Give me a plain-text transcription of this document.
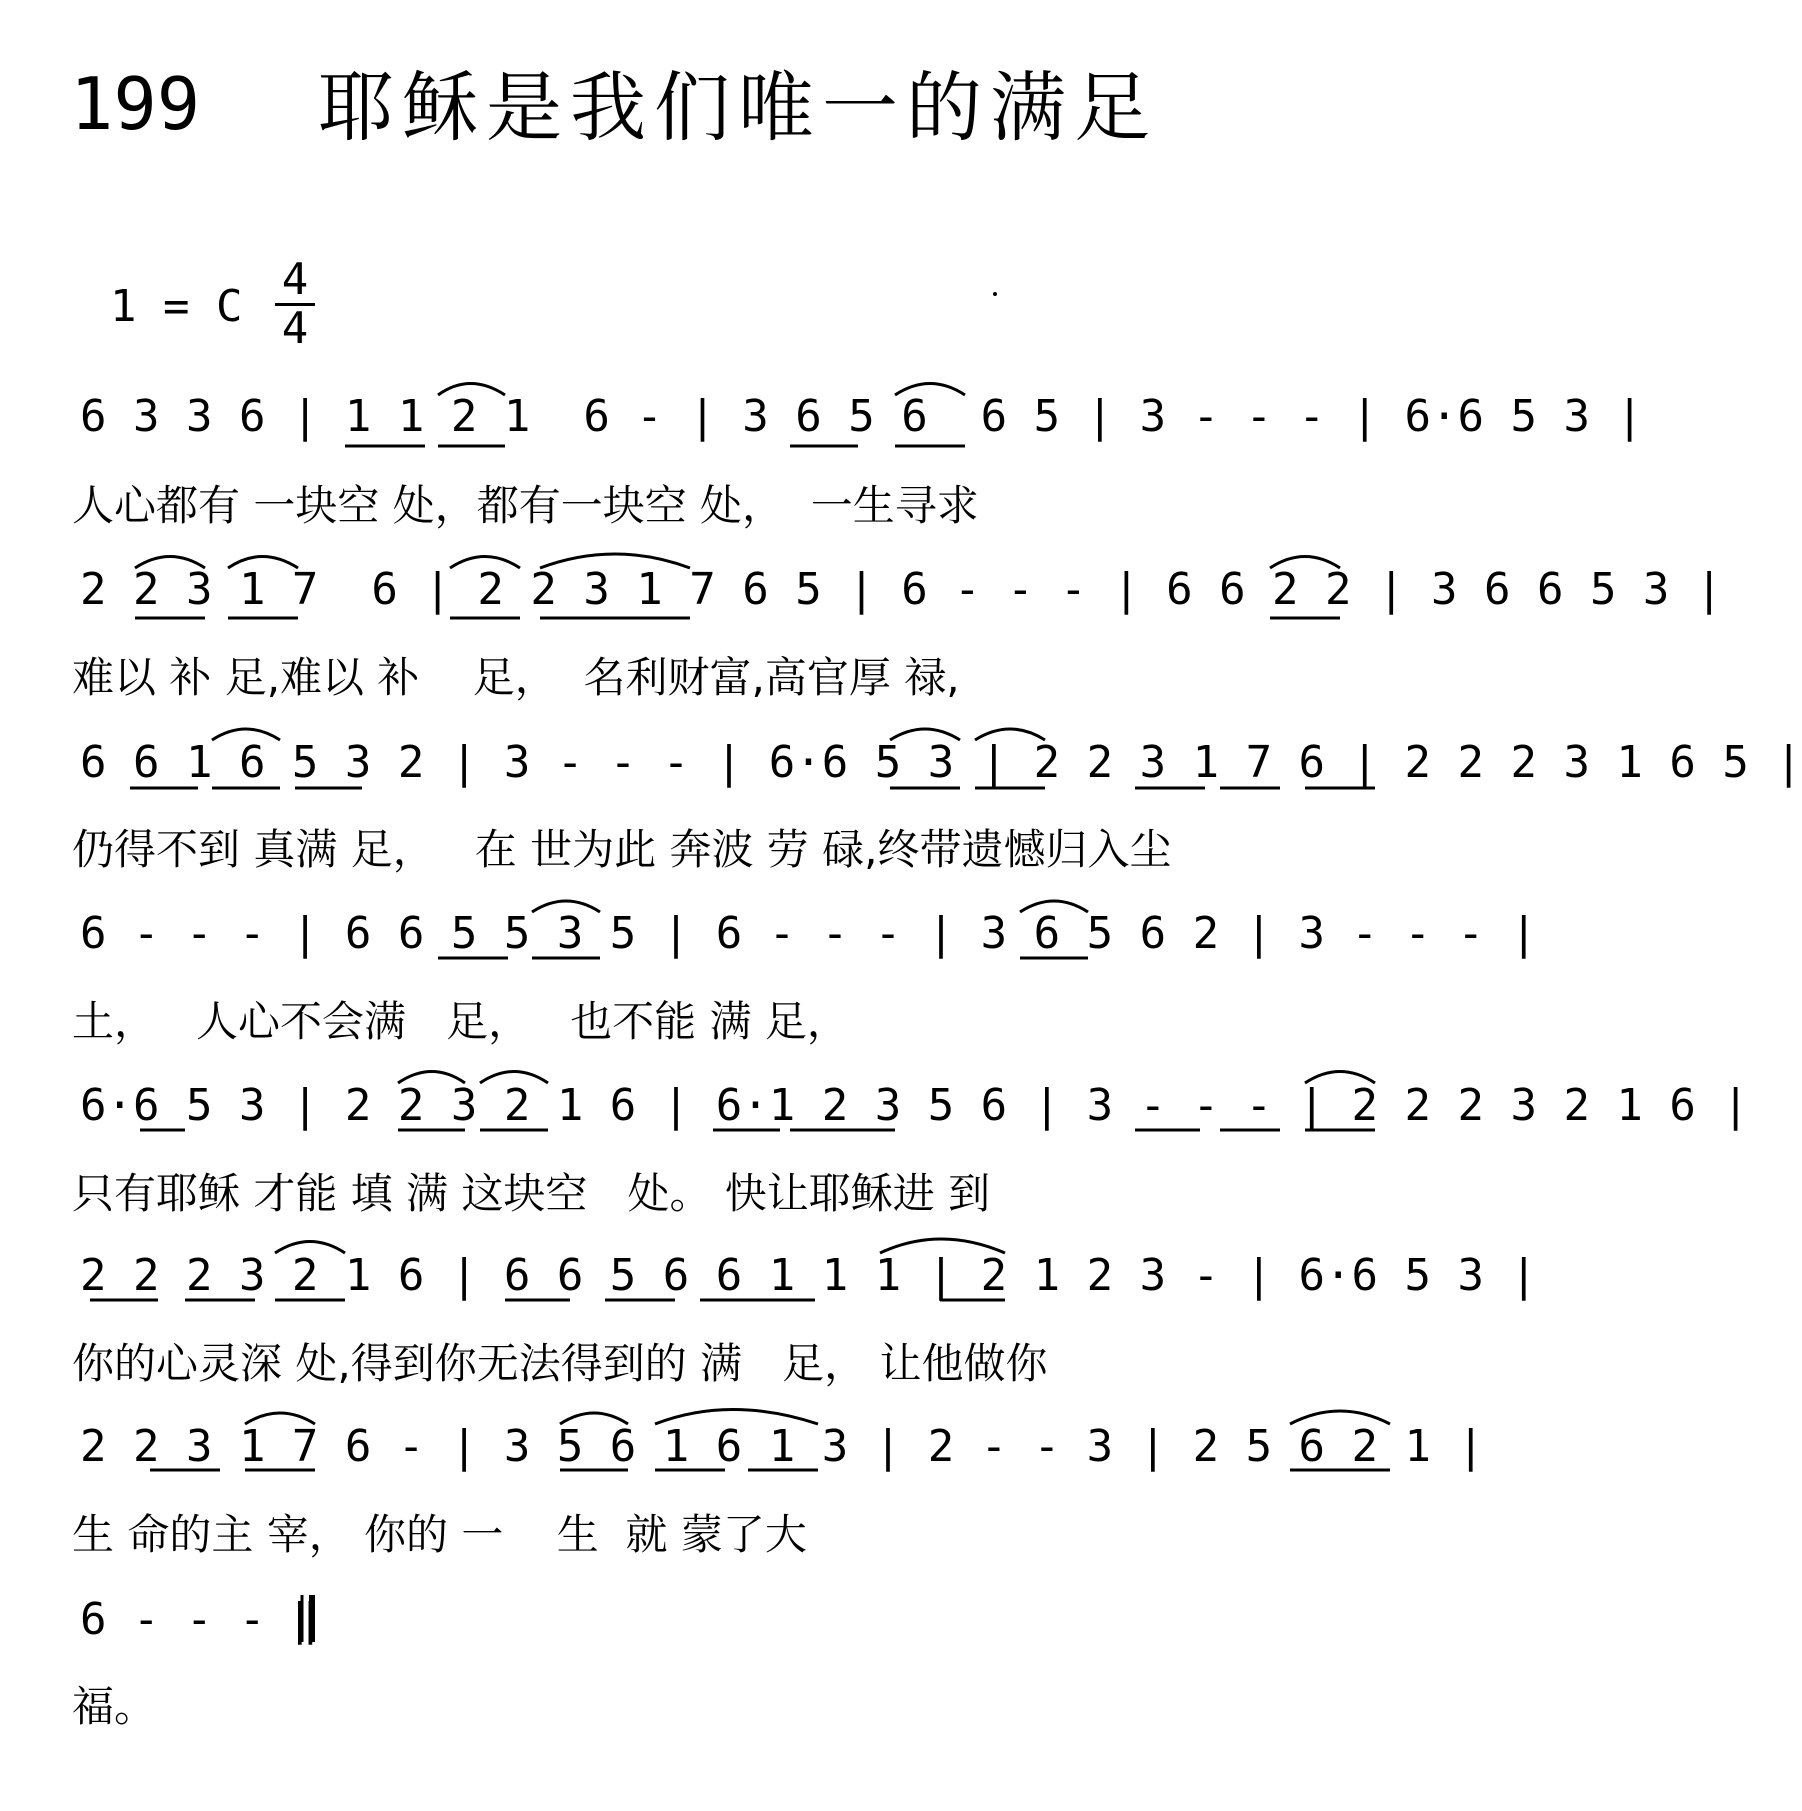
199 耶稣是我们唯一的满足
1 = C
4
4
6 3 3 6 | 1 1 2 1  6 - | 3 6 5 6  6 5 | 3 - - - | 6·6 5 3 |
人心都有 一块空 处，都有一块空 处，  一生寻求
2 2 3 1 7  6 | 2 2 3 1 7 6 5 | 6 - - - | 6 6 2 2 | 3 6 6 5 3 |
难以 补 足,难以 补    足，  名利财富,高官厚 禄,
6 6 1 6 5 3 2 | 3 - - - | 6·6 5 3 | 2 2 3 1 7 6 | 2 2 2 3 1 6 5 |
仍得不到 真满 足，   在 世为此 奔波 劳 碌,终带遗憾归入尘
6 - - - | 6 6 5 5 3 5 | 6 - - - | 3 6 5 6 2 | 3 - - - |
土，   人心不会满   足，   也不能 满 足，
6·6 5 3 | 2 2 3 2 1 6 | 6·1 2 3 5 6 | 3 - - - | 2 2 2 3 2 1 6 |
只有耶稣 才能 填 满 这块空   处。 快让耶稣进 到
2 2 2 3 2 1 6 | 6 6 5 6 6 1 1 1 | 2 1 2 3 - | 6·6 5 3 |
你的心灵深 处,得到你无法得到的 满   足， 让他做你
2 2 3 1 7 6 - | 3 5 6 1 6 1 3 | 2 - - 3 | 2 5 6 2 1 |
生 命的主 宰， 你的 一    生  就 蒙了大
6 - - - ‖
福。
